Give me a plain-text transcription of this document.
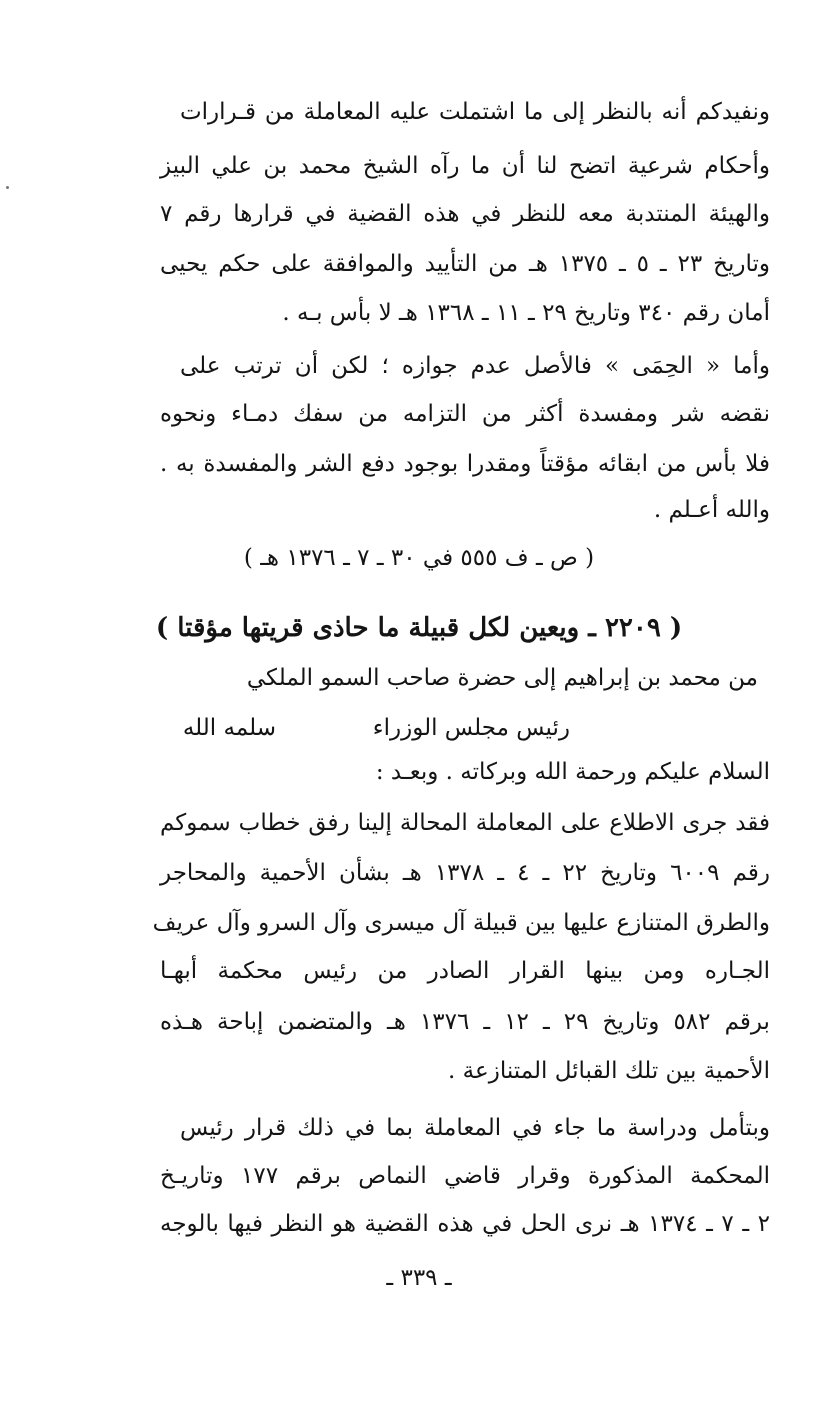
ونفيدكم أنه بالنظر إلى ما اشتملت عليه المعاملة من قـرارات
وأحكام شرعية اتضح لنا أن ما رآه الشيخ محمد بن علي البيز
والهيئة المنتدبة معه للنظر في هذه القضية في قرارها رقم ٧
وتاريخ ٢٣ ـ ٥ ـ ١٣٧٥ هـ من التأييد والموافقة على حكم يحيى
أمان رقم ٣٤٠ وتاريخ ٢٩ ـ ١١ ـ ١٣٦٨ هـ لا بأس بـه .
وأما « الحِمَى » فالأصل عدم جوازه ؛ لكن أن ترتب على
نقضه شر ومفسدة أكثر من التزامه من سفك دمـاء ونحوه
فلا بأس من ابقائه مؤقتاً ومقدرا بوجود دفع الشر والمفسدة به .
والله أعـلم .
( ص ـ ف ٥٥٥ في ٣٠ ـ ٧ ـ ١٣٧٦ هـ )
( ٢٢٠٩ ـ ويعين لكل قبيلة ما حاذى قريتها مؤقتا )
من محمد بن إبراهيم إلى حضرة صاحب السمو الملكي
رئيس مجلس الوزراء
سلمه الله
السلام عليكم ورحمة الله وبركاته . وبعـد :
فقد جرى الاطلاع على المعاملة المحالة إلينا رفق خطاب سموكم
رقم ٦٠٠٩ وتاريخ ٢٢ ـ ٤ ـ ١٣٧٨ هـ بشأن الأحمية والمحاجر
والطرق المتنازع عليها بين قبيلة آل ميسرى وآل السرو وآل عريف
الجـاره ومن بينها القرار الصادر من رئيس محكمة أبهـا
برقم ٥٨٢ وتاريخ ٢٩ ـ ١٢ ـ ١٣٧٦ هـ والمتضمن إباحة هـذه
الأحمية بين تلك القبائل المتنازعة .
وبتأمل ودراسة ما جاء في المعاملة بما في ذلك قرار رئيس
المحكمة المذكورة وقرار قاضي النماص برقم ١٧٧ وتاريـخ
٢ ـ ٧ ـ ١٣٧٤ هـ نرى الحل في هذه القضية هو النظر فيها بالوجه
ـ ٣٣٩ ـ
